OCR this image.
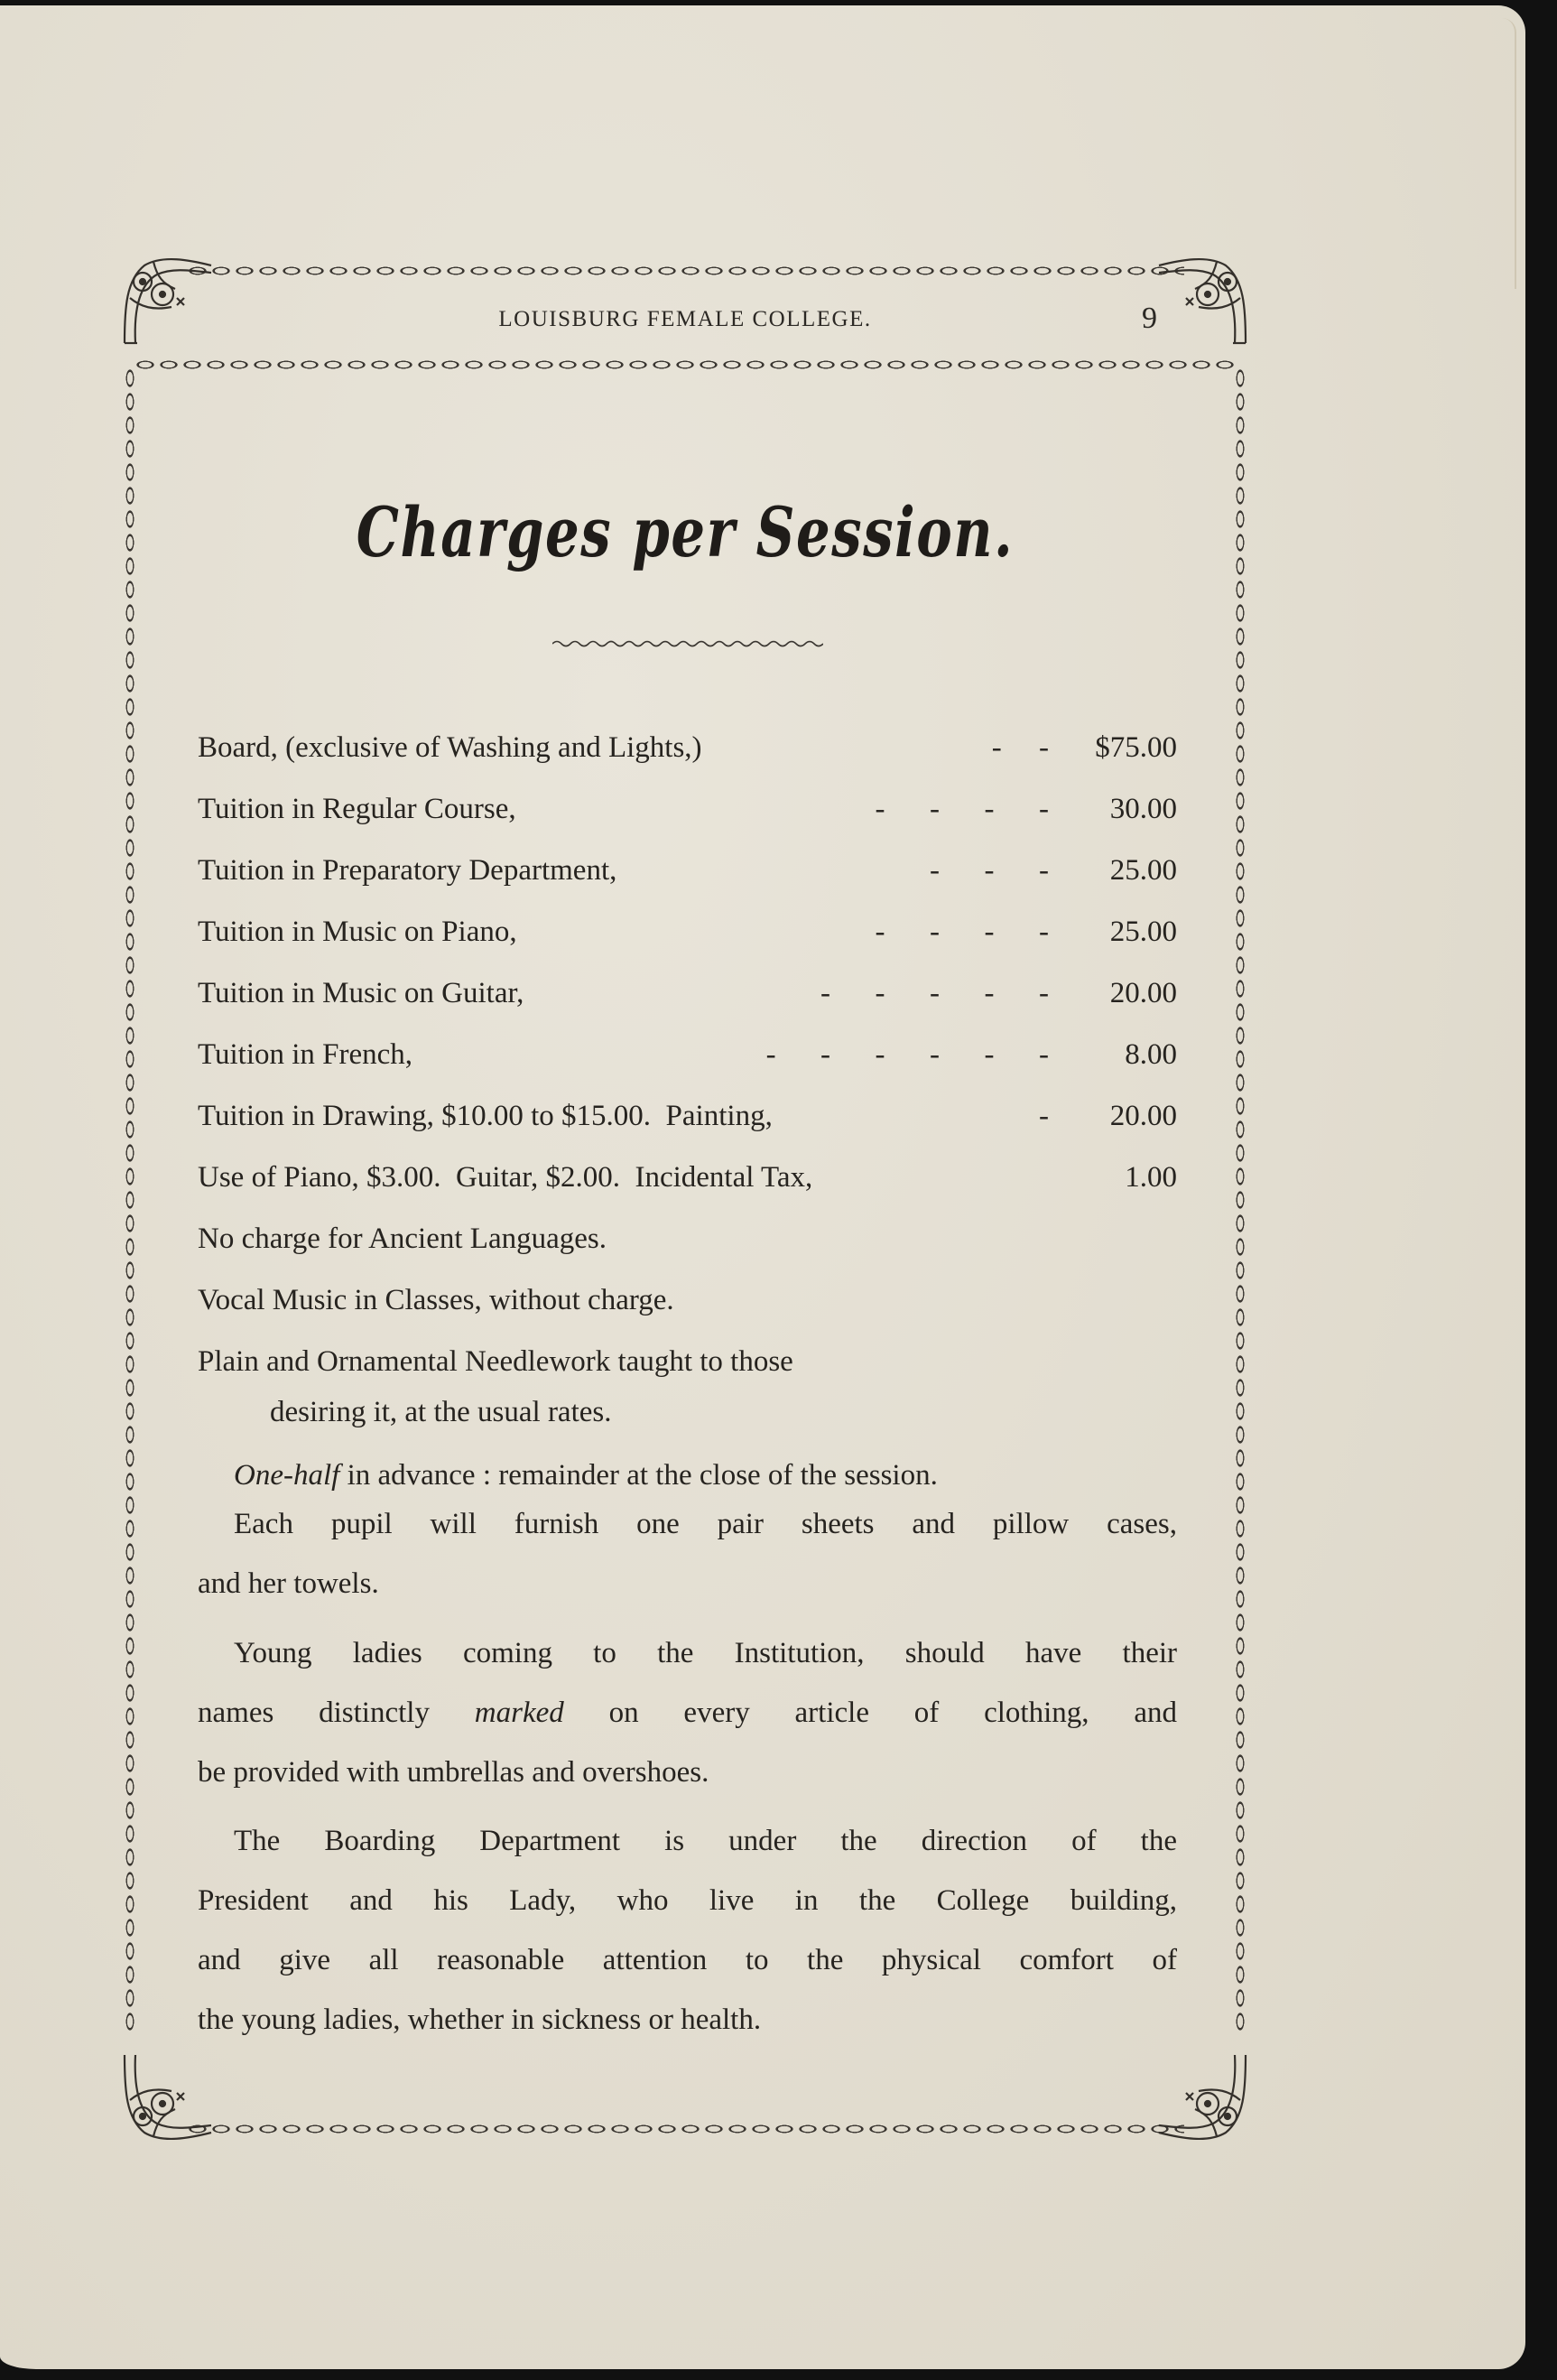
LOUISBURG FEMALE COLLEGE.	9
Charges per Session.
Board, (exclusive of Washing and Lights,)	-     -	$75.00
Tuition in Regular Course,	-      -      -      -	30.00
Tuition in Preparatory Department,	-      -      -	25.00
Tuition in Music on Piano,	-      -      -      -	25.00
Tuition in Music on Guitar,	-      -      -      -      -	20.00
Tuition in French,	-      -      -      -      -      -	8.00
Tuition in Drawing, $10.00 to $15.00.  Painting,	-	20.00
Use of Piano, $3.00.  Guitar, $2.00.  Incidental Tax,	1.00
No charge for Ancient Languages.
Vocal Music in Classes, without charge.
Plain and Ornamental Needlework taught to those
desiring it, at the usual rates.
One-half in advance : remainder at the close of the session.
Each pupil will furnish one pair sheets and pillow cases,
and her towels.
Young ladies coming to the Institution, should have their
names distinctly marked on every article of clothing, and
be provided with umbrellas and overshoes.
The Boarding Department is under the direction of the
President and his Lady, who live in the College building,
and give all reasonable attention to the physical comfort of
the young ladies, whether in sickness or health.
